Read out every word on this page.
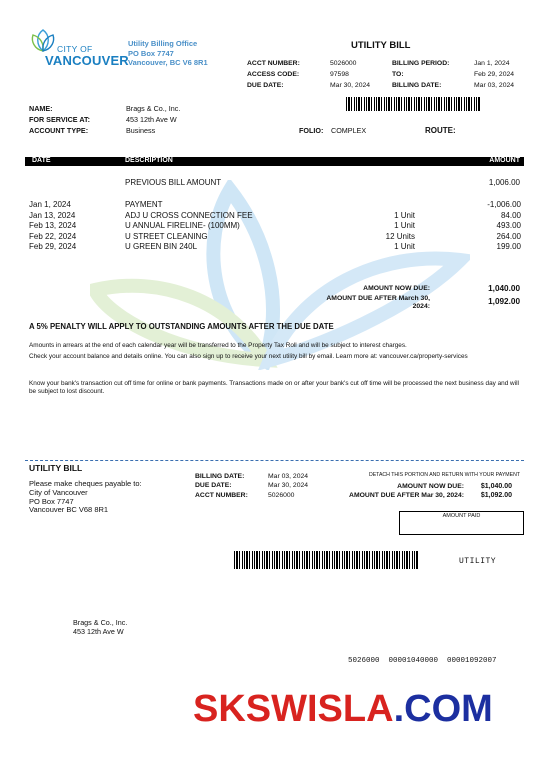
CITY OF
VANCOUVER
Utility Billing Office
PO Box 7747
Vancouver, BC V6 8R1
UTILITY BILL
ACCT NUMBER:	5026000
ACCESS CODE:	97598
DUE DATE:	Mar 30, 2024
BILLING PERIOD:	Jan 1, 2024
TO:	Feb 29, 2024
BILLING DATE:	Mar 03, 2024
NAME:	Brags & Co., Inc.
FOR SERVICE AT:	453 12th Ave W
ACCOUNT TYPE:	Business	FOLIO: COMPLEX	ROUTE:
DATE	DESCRIPTION	AMOUNT
PREVIOUS BILL AMOUNT	1,006.00
Jan 1, 2024	PAYMENT	-1,006.00
Jan 13, 2024	ADJ U CROSS CONNECTION FEE	1 Unit	84.00
Feb 13, 2024	U ANNUAL FIRELINE- (100MM)	1 Unit	493.00
Feb 22, 2024	U STREET CLEANING	12 Units	264.00
Feb 29, 2024	U GREEN BIN 240L	1 Unit	199.00
AMOUNT NOW DUE:	1,040.00
AMOUNT DUE AFTER March 30,
2024:
1,092.00
A 5% PENALTY WILL APPLY TO OUTSTANDING AMOUNTS AFTER THE DUE DATE
Amounts in arrears at the end of each calendar year will be transferred to the Property Tax Roll and will be subject to interest charges.
Check your account balance and details online. You can also sign up to receive your next utility bill by email. Learn more at: vancouver.ca/property-services
Know your bank's transaction cut off time for online or bank payments. Transactions made on or after your bank's cut off time will be processed the next business day and will be subject to lost discount.
UTILITY BILL
Please make cheques payable to:
City of Vancouver
PO Box 7747
Vancouver BC V68 8R1
BILLING DATE:	Mar 03, 2024
DUE DATE:	Mar 30, 2024
ACCT NUMBER:	5026000
DETACH THIS PORTION AND RETURN WITH YOUR PAYMENT
AMOUNT NOW DUE:	$1,040.00
AMOUNT DUE AFTER Mar 30, 2024:	$1,092.00
AMOUNT PAID
UTILITY
Brags & Co., Inc.
453 12th Ave W
5026000  00001040000  00001092007
SKSWISLA.COM
